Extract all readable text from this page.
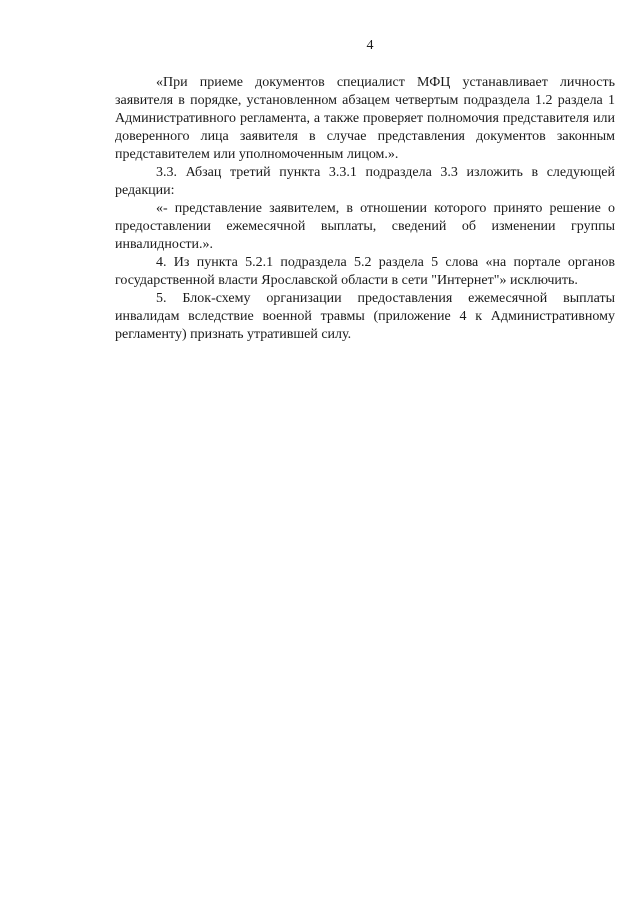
4

«При приеме документов специалист МФЦ устанавливает личность заявителя в порядке, установленном абзацем четвертым подраздела 1.2 раздела 1 Административного регламента, а также проверяет полномочия представителя или доверенного лица заявителя в случае представления документов законным представителем или уполномоченным лицом.».

3.3. Абзац третий пункта 3.3.1 подраздела 3.3 изложить в следующей редакции:

«- представление заявителем, в отношении которого принято решение о предоставлении ежемесячной выплаты, сведений об изменении группы инвалидности.».

4. Из пункта 5.2.1 подраздела 5.2 раздела 5 слова «на портале органов государственной власти Ярославской области в сети "Интернет"» исключить.

5. Блок-схему организации предоставления ежемесячной выплаты инвалидам вследствие военной травмы (приложение 4 к Административному регламенту) признать утратившей силу.
